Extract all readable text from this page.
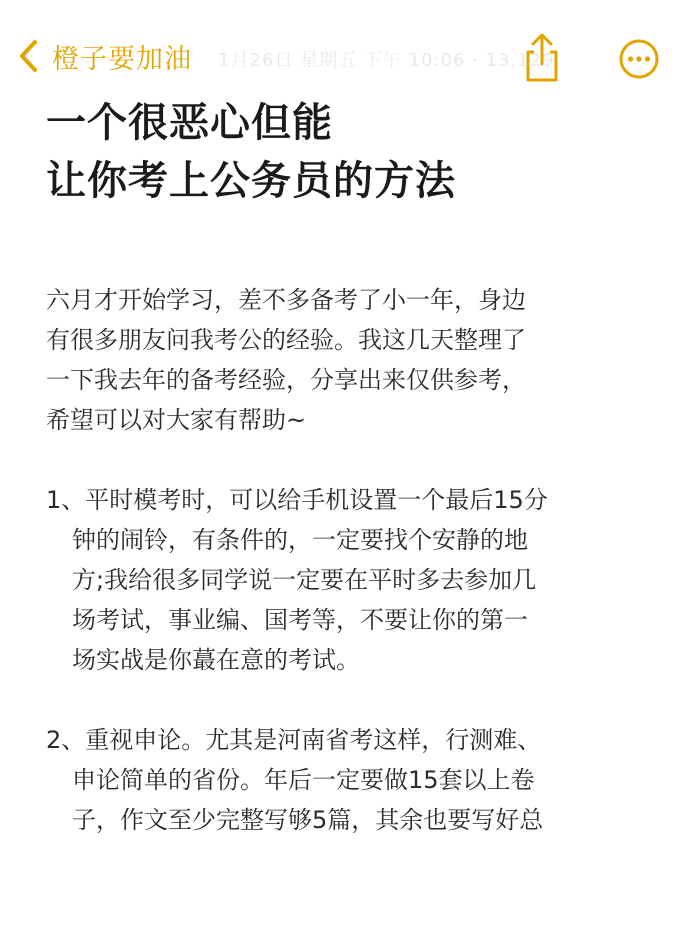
橙子要加油 1月26日 星期五 下午 10:06 · 13,129
一个很恶心但能
让你考上公务员的方法

六月才开始学习，差不多备考了小一年，身边

有很多朋友问我考公的经验。我这几天整理了

一下我去年的备考经验，分享出来仅供参考，

希望可以对大家有帮助~

1、平时模考时，可以给手机设置一个最后15分

钟的闹铃，有条件的，一定要找个安静的地

方;我给很多同学说一定要在平时多去参加几

场考试，事业编、国考等，不要让你的第一

场实战是你蕞在意的考试。

2、重视申论。尤其是河南省考这样，行测难、

申论简单的省份。年后一定要做15套以上卷

子，作文至少完整写够5篇，其余也要写好总
